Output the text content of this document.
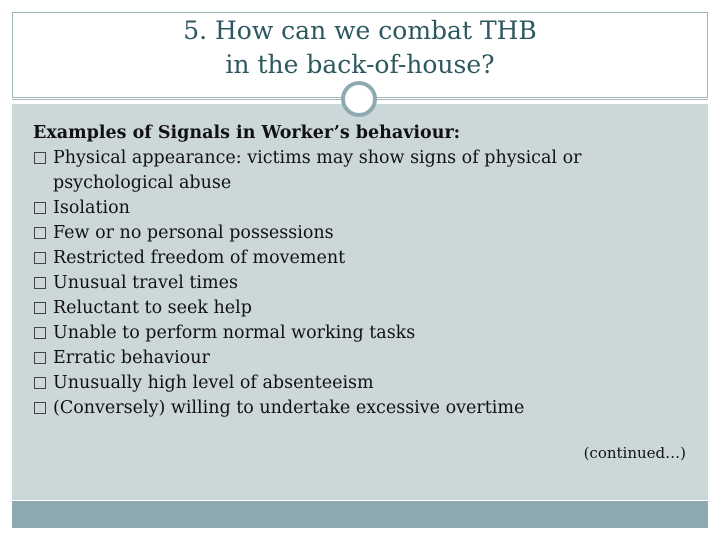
5. How can we combat THB
in the back-of-house?
Examples of Signals in Worker’s behaviour:
Physical appearance: victims may show signs of physical or psychological abuse
Isolation
Few or no personal possessions
Restricted freedom of movement
Unusual travel times
Reluctant to seek help
Unable to perform normal working tasks
Erratic behaviour
Unusually high level of absenteeism
(Conversely) willing to undertake excessive overtime
(continued…)
